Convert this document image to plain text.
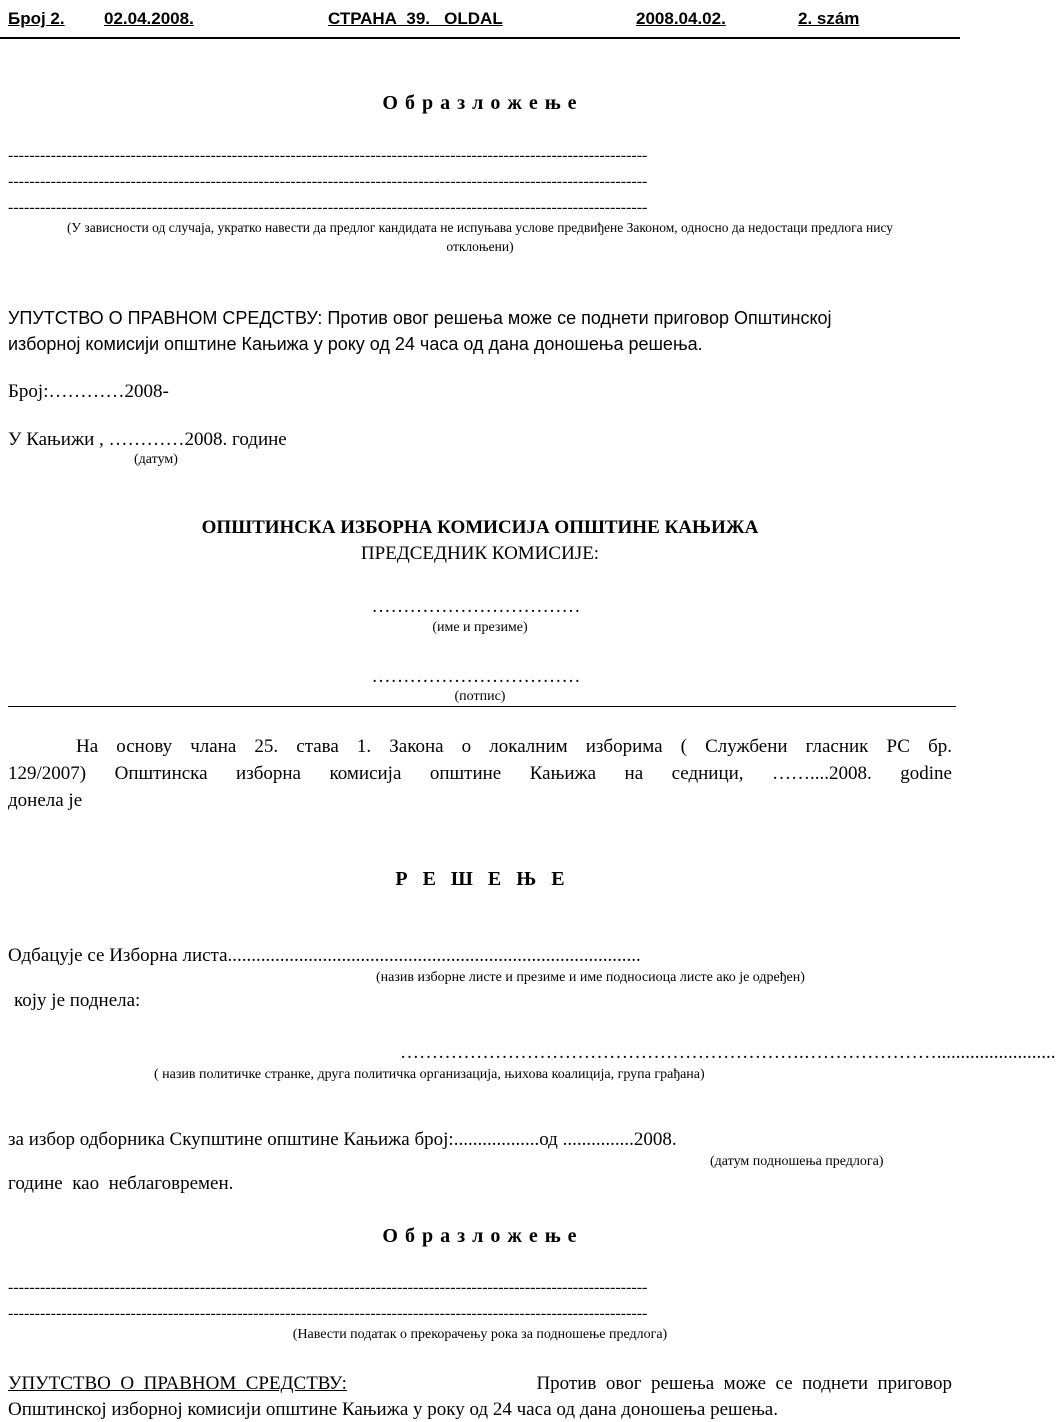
Број 2. 02.04.2008.	СТРАНА  39.   OLDAL	2008.04.02.	2. szám
О б р а з л о ж е њ е
------------------------------------------------------------------------------------------------------------------------
------------------------------------------------------------------------------------------------------------------------
------------------------------------------------------------------------------------------------------------------------
(У зависности од случаја, укратко навести да предлог кандидата не испуњава услове предвиђене Законом, односно да недостаци предлога нису
отклоњени)
УПУТСТВО О ПРАВНОМ СРЕДСТВУ: Против овог решења може се поднети приговор Општинској
изборној комисији општине Кањижа у року од 24 часа од дана доношења решења.
Број:…………2008-
У Кањижи , …………2008. године
(датум)
ОПШТИНСКА ИЗБОРНА КОМИСИЈА ОПШТИНЕ КАЊИЖА
ПРЕДСЕДНИК КОМИСИЈЕ:
……………………………
(име и презиме)
……………………………
(потпис)
На основу члана 25. става 1. Закона о локалним изборима ( Службени гласник РС бр.
129/2007) Општинска изборна комисија општине Кањижа на седници, ……....2008. godine
донела је
Р   Е   Ш   Е   Њ   Е
Одбацује се Изборна листа.......................................................................................
(назив изборне листе и презиме и име подносиоца листе ако је одређен)
коју је поднела:
……………………………………………………….………………….........................
( назив политичке странке, друга политичка организација, њихова коалиција, група грађана)
за избор одборника Скупштине општине Кањижа број:..................од ...............2008.
(датум подношења предлога)
године  као  неблаговремен.
О б р а з л о ж е њ е
------------------------------------------------------------------------------------------------------------------------
------------------------------------------------------------------------------------------------------------------------
(Навести податак о прекорачењу рока за подношење предлога)
УПУТСТВО  О  ПРАВНОМ  СРЕДСТВУ:	Против  овог  решења  може  се  поднети  приговор
Општинској изборној комисији општине Кањижа у року од 24 часа од дана доношења решења.
